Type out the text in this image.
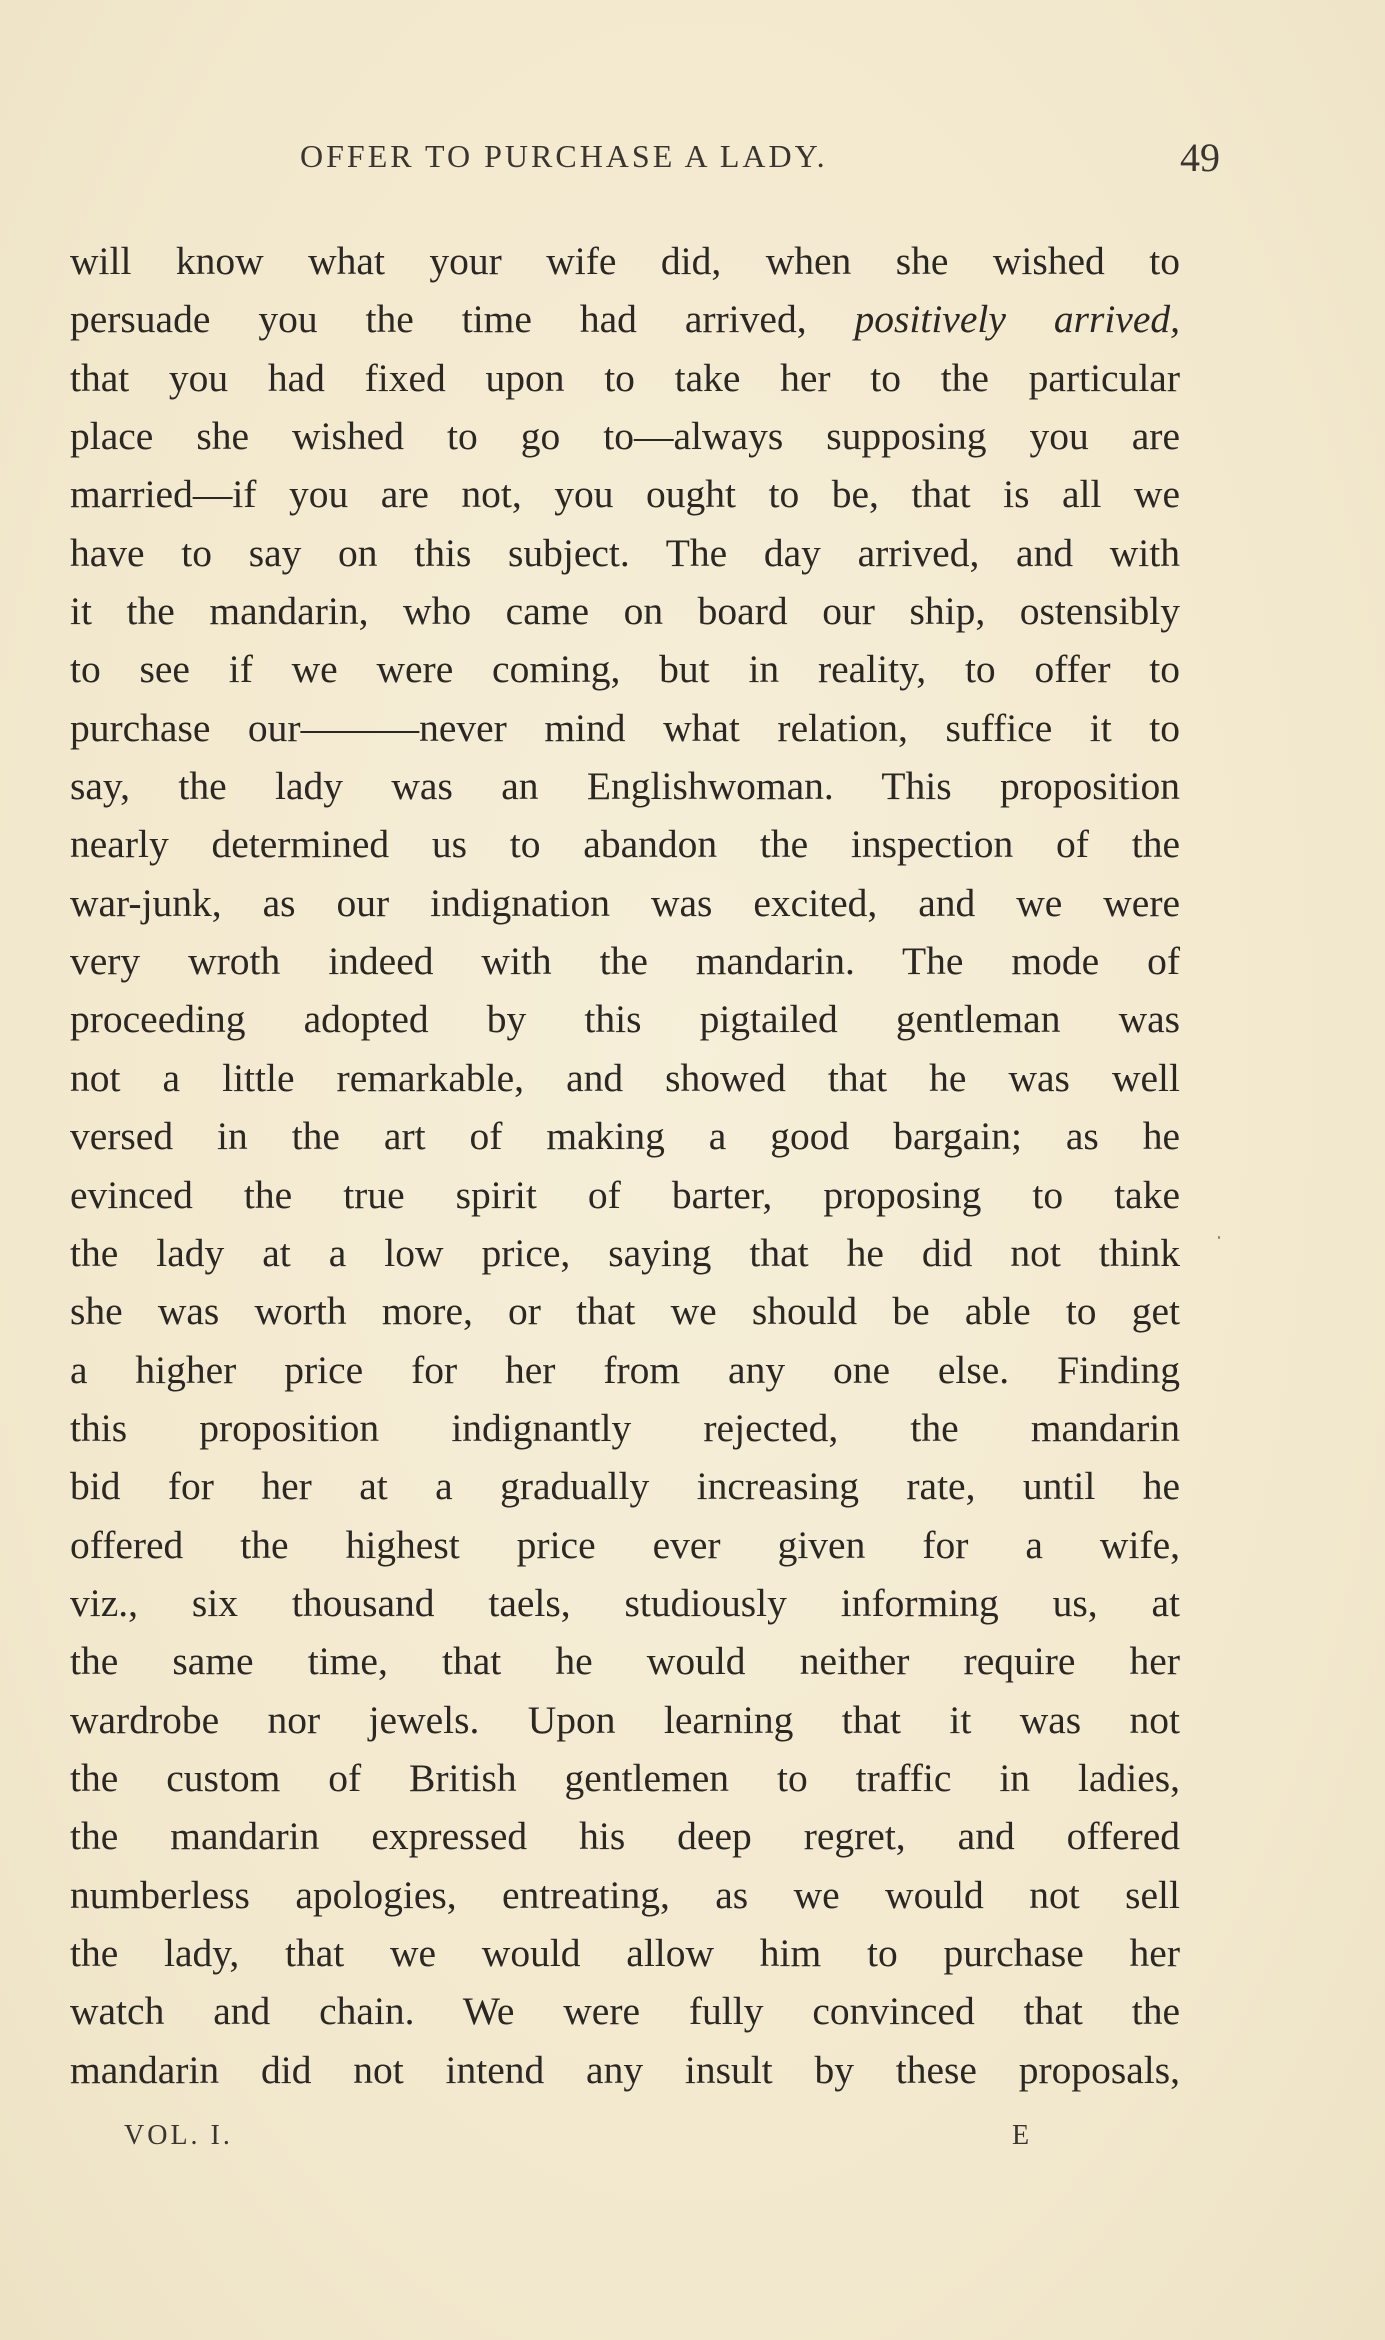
OFFER TO PURCHASE A LADY.	49
will know what your wife did, when she wished to
persuade you the time had arrived, positively arrived,
that you had fixed upon to take her to the particular
place she wished to go to—always supposing you are
married—if you are not, you ought to be, that is all we
have to say on this subject. The day arrived, and with
it the mandarin, who came on board our ship, ostensibly
to see if we were coming, but in reality, to offer to
purchase our———never mind what relation, suffice it to
say, the lady was an Englishwoman. This proposition
nearly determined us to abandon the inspection of the
war-junk, as our indignation was excited, and we were
very wroth indeed with the mandarin. The mode of
proceeding adopted by this pigtailed gentleman was
not a little remarkable, and showed that he was well
versed in the art of making a good bargain; as he
evinced the true spirit of barter, proposing to take
the lady at a low price, saying that he did not think
she was worth more, or that we should be able to get
a higher price for her from any one else. Finding
this proposition indignantly rejected, the mandarin
bid for her at a gradually increasing rate, until he
offered the highest price ever given for a wife,
viz., six thousand taels, studiously informing us, at
the same time, that he would neither require her
wardrobe nor jewels. Upon learning that it was not
the custom of British gentlemen to traffic in ladies,
the mandarin expressed his deep regret, and offered
numberless apologies, entreating, as we would not sell
the lady, that we would allow him to purchase her
watch and chain. We were fully convinced that the
mandarin did not intend any insult by these proposals,
VOL. I.	E
